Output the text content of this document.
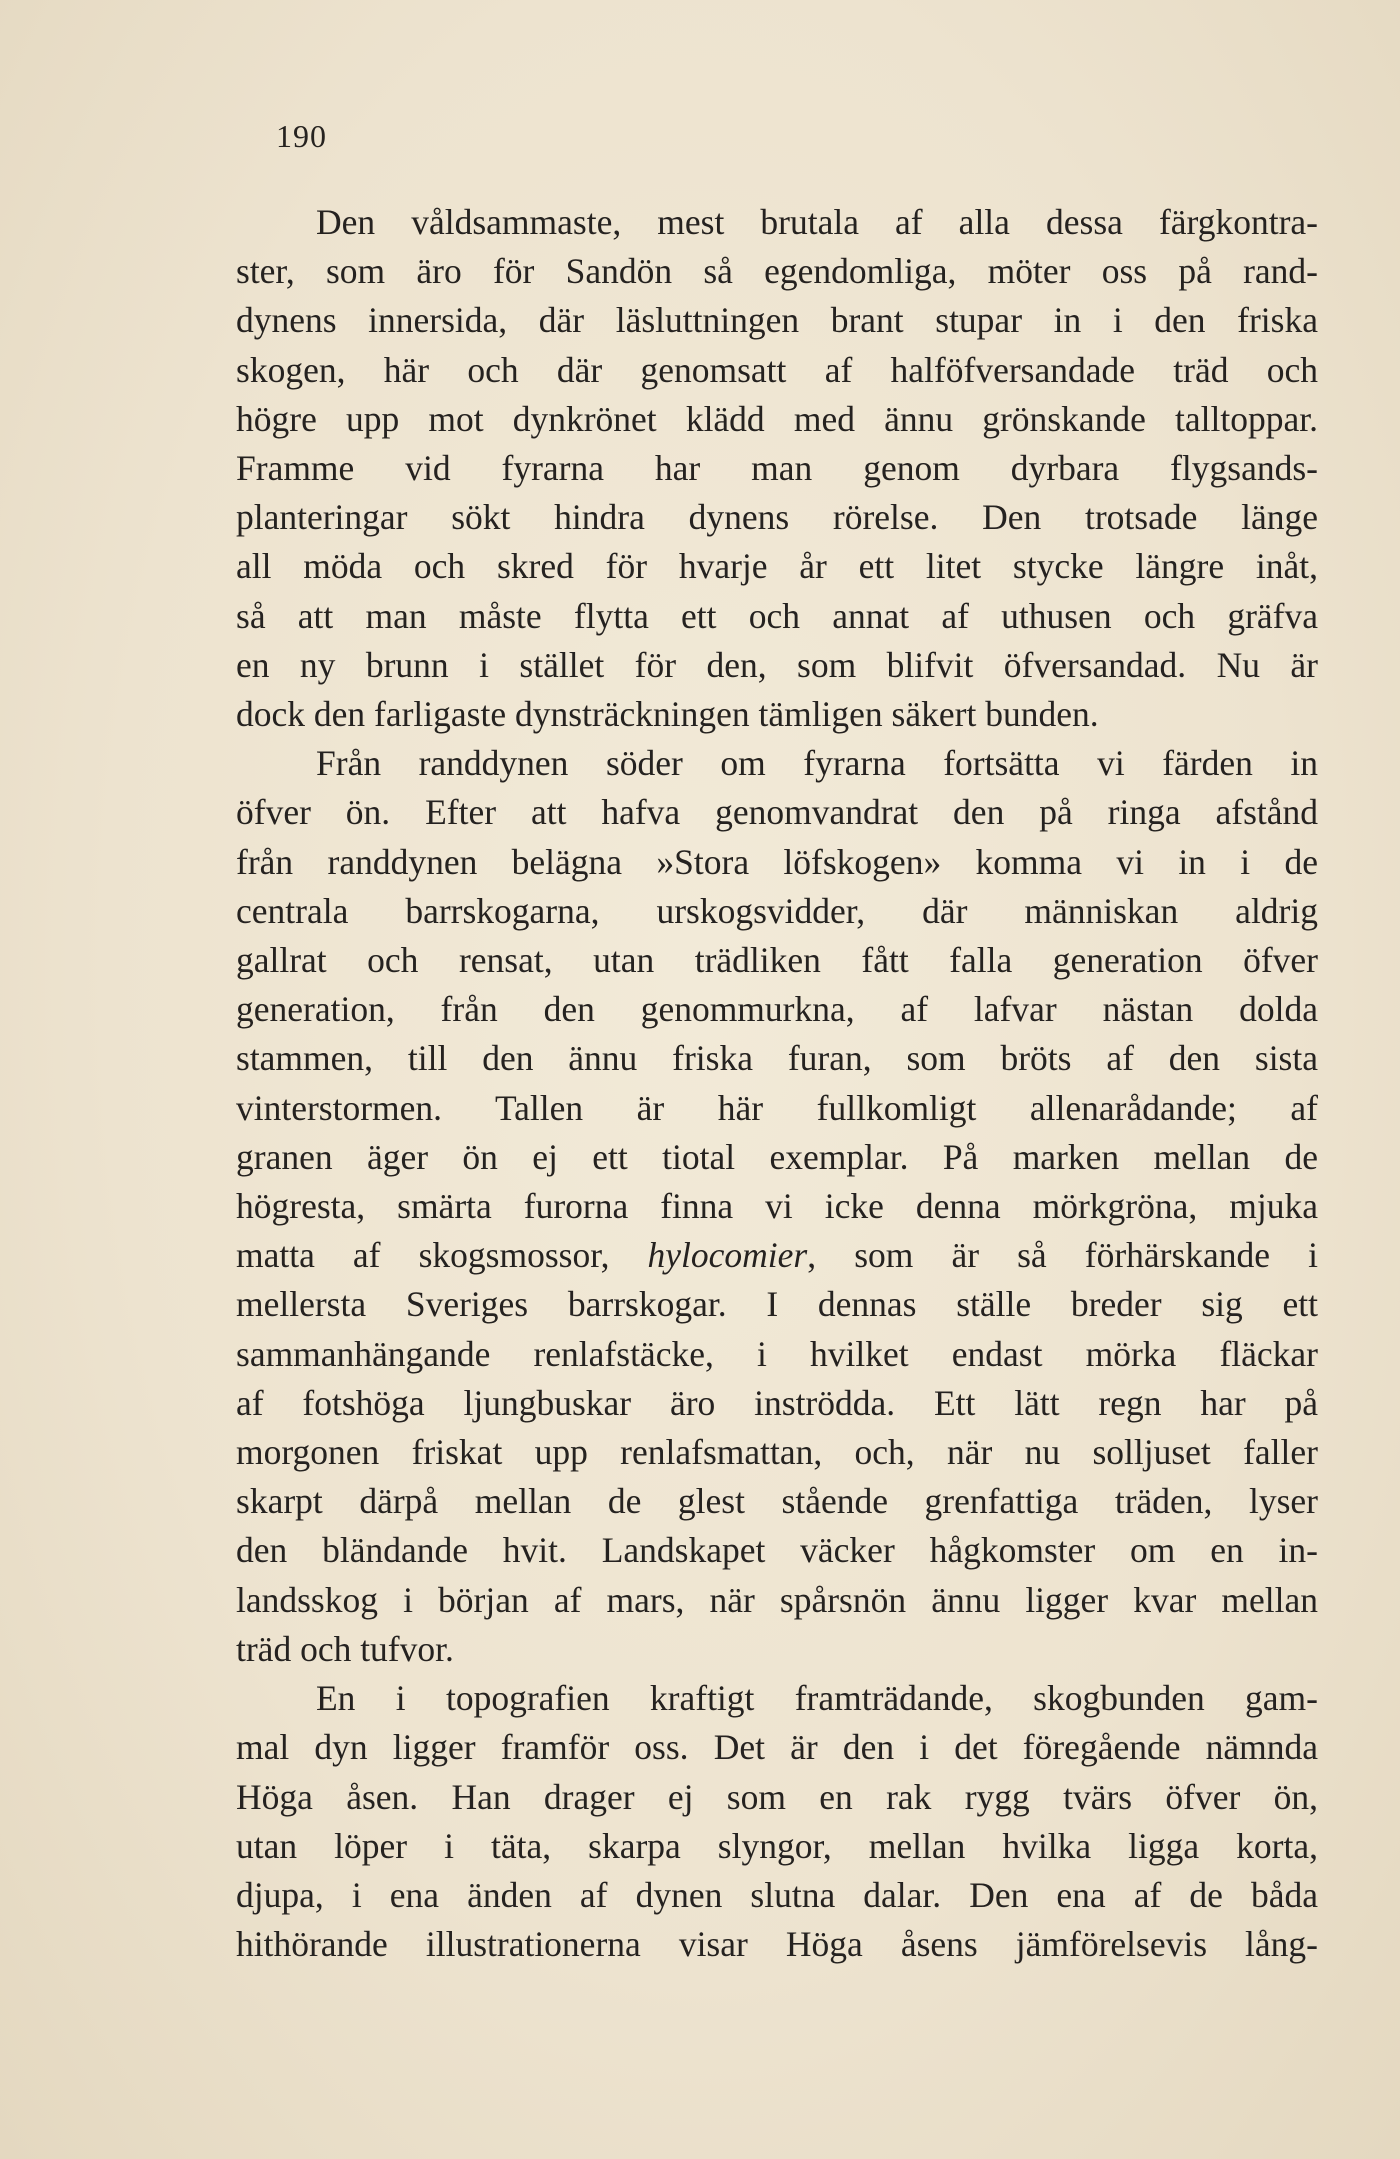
190

Den våldsammaste, mest brutala af alla dessa färgkontra-
ster, som äro för Sandön så egendomliga, möter oss på rand-
dynens innersida, där läsluttningen brant stupar in i den friska
skogen, här och där genomsatt af halföfversandade träd och
högre upp mot dynkrönet klädd med ännu grönskande talltoppar.
Framme vid fyrarna har man genom dyrbara flygsands-
planteringar sökt hindra dynens rörelse. Den trotsade länge
all möda och skred för hvarje år ett litet stycke längre inåt,
så att man måste flytta ett och annat af uthusen och gräfva
en ny brunn i stället för den, som blifvit öfversandad. Nu är
dock den farligaste dynsträckningen tämligen säkert bunden.

Från randdynen söder om fyrarna fortsätta vi färden in
öfver ön. Efter att hafva genomvandrat den på ringa afstånd
från randdynen belägna »Stora löfskogen» komma vi in i de
centrala barrskogarna, urskogsvidder, där människan aldrig
gallrat och rensat, utan trädliken fått falla generation öfver
generation, från den genommurkna, af lafvar nästan dolda
stammen, till den ännu friska furan, som bröts af den sista
vinterstormen. Tallen är här fullkomligt allenarådande; af
granen äger ön ej ett tiotal exemplar. På marken mellan de
högresta, smärta furorna finna vi icke denna mörkgröna, mjuka
matta af skogsmossor, hylocomier, som är så förhärskande i
mellersta Sveriges barrskogar. I dennas ställe breder sig ett
sammanhängande renlafstäcke, i hvilket endast mörka fläckar
af fotshöga ljungbuskar äro inströdda. Ett lätt regn har på
morgonen friskat upp renlafsmattan, och, när nu solljuset faller
skarpt därpå mellan de glest stående grenfattiga träden, lyser
den bländande hvit. Landskapet väcker hågkomster om en in-
landsskog i början af mars, när spårsnön ännu ligger kvar mellan
träd och tufvor.

En i topografien kraftigt framträdande, skogbunden gam-
mal dyn ligger framför oss. Det är den i det föregående nämnda
Höga åsen. Han drager ej som en rak rygg tvärs öfver ön,
utan löper i täta, skarpa slyngor, mellan hvilka ligga korta,
djupa, i ena änden af dynen slutna dalar. Den ena af de båda
hithörande illustrationerna visar Höga åsens jämförelsevis lång-
